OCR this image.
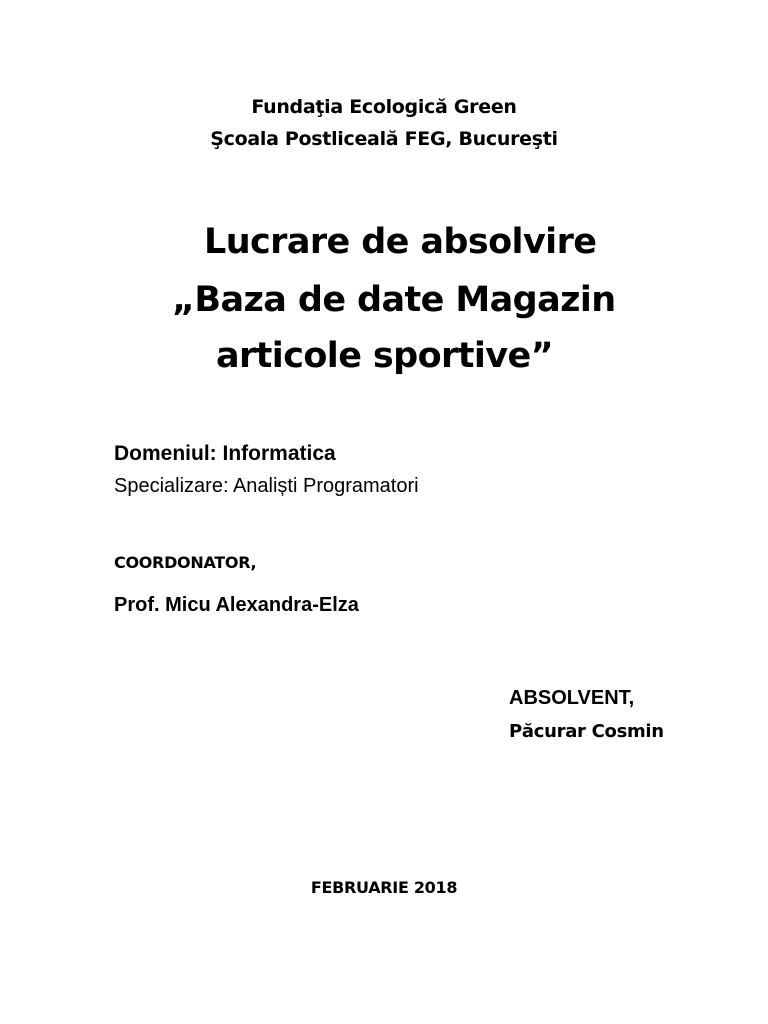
Fundaţia Ecologică Green

Şcoala Postliceală FEG, Bucureşti

Lucrare de absolvire

„Baza de date Magazin

articole sportive”

Domeniul: Informatica

Specializare: Analiști Programatori

COORDONATOR,

Prof. Micu Alexandra-Elza

ABSOLVENT,

Păcurar Cosmin

FEBRUARIE 2018
